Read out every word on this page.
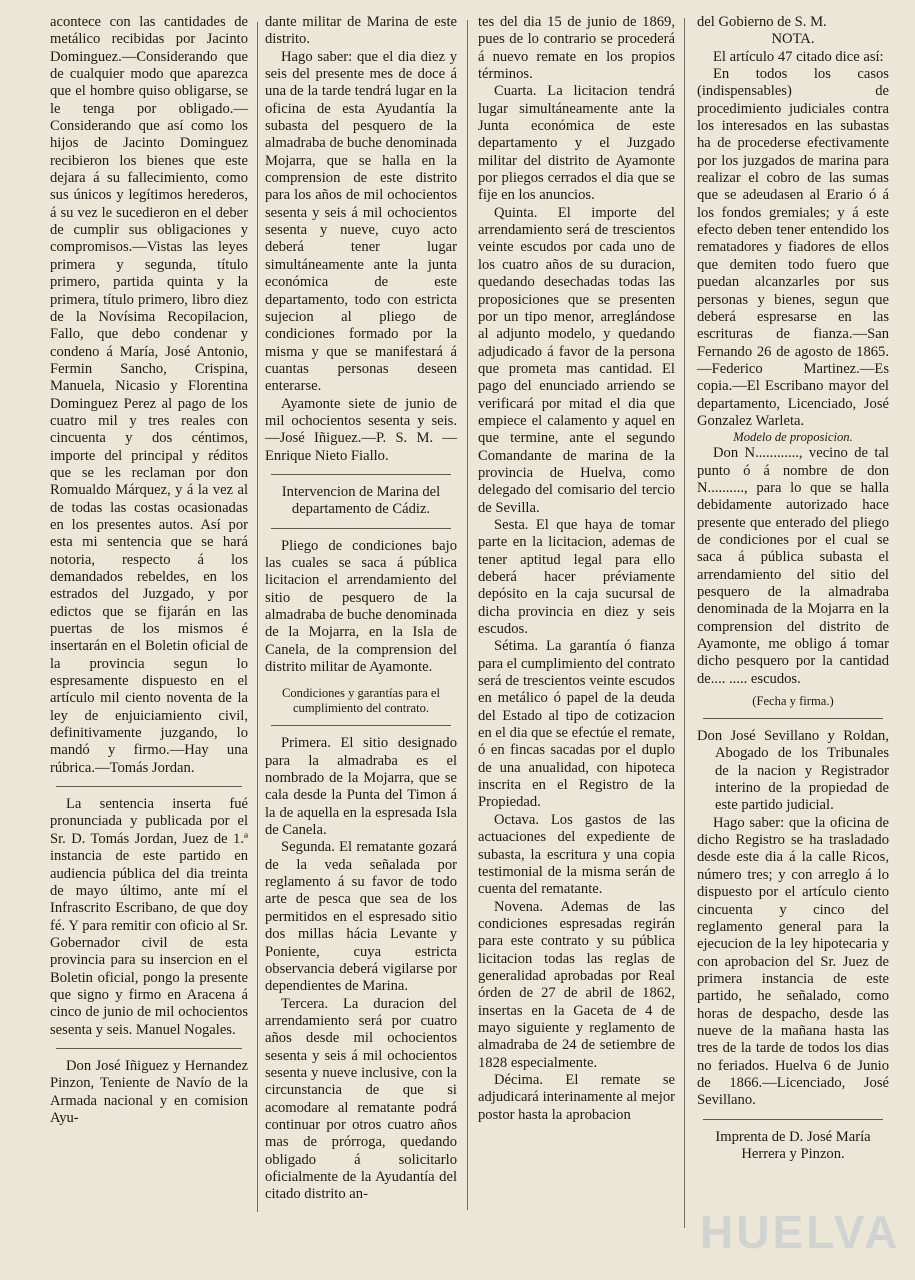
acontece con las cantidades de metálico recibidas por Jacinto Dominguez.—Considerando que de cualquier modo que aparezca que el hombre quiso obligarse, se le tenga por obligado.—Considerando que así como los hijos de Jacinto Dominguez recibieron los bienes que este dejara á su fallecimiento, como sus únicos y legítimos herederos, á su vez le sucedieron en el deber de cumplir sus obligaciones y compromisos.—Vistas las leyes primera y segunda, título primero, partida quinta y la primera, título primero, libro diez de la Novísima Recopilacion, Fallo, que debo condenar y condeno á María, José Antonio, Fermin Sancho, Crispina, Manuela, Nicasio y Florentina Dominguez Perez al pago de los cuatro mil y tres reales con cincuenta y dos céntimos, importe del principal y réditos que se les reclaman por don Romualdo Márquez, y á la vez al de todas las costas ocasionadas en los presentes autos. Así por esta mi sentencia que se hará notoria, respecto á los demandados rebeldes, en los estrados del Juzgado, y por edictos que se fijarán en las puertas de los mismos é insertarán en el Boletin oficial de la provincia segun lo espresamente dispuesto en el artículo mil ciento noventa de la ley de enjuiciamiento civil, definitivamente juzgando, lo mandó y firmo.—Hay una rúbrica.—Tomás Jordan.

La sentencia inserta fué pronunciada y publicada por el Sr. D. Tomás Jordan, Juez de 1.ª instancia de este partido en audiencia pública del dia treinta de mayo último, ante mí el Infrascrito Escribano, de que doy fé. Y para remitir con oficio al Sr. Gobernador civil de esta provincia para su insercion en el Boletin oficial, pongo la presente que signo y firmo en Aracena á cinco de junio de mil ochocientos sesenta y seis. Manuel Nogales.

Don José Iñiguez y Hernandez Pinzon, Teniente de Navío de la Armada nacional y en comision Ayu-

dante militar de Marina de este distrito.

Hago saber: que el dia diez y seis del presente mes de doce á una de la tarde tendrá lugar en la oficina de esta Ayudantía la subasta del pesquero de la almadraba de buche denominada Mojarra, que se halla en la comprension de este distrito para los años de mil ochocientos sesenta y seis á mil ochocientos sesenta y nueve, cuyo acto deberá tener lugar simultáneamente ante la junta económica de este departamento, todo con estricta sujecion al pliego de condiciones formado por la misma y que se manifestará á cuantas personas deseen enterarse.

Ayamonte siete de junio de mil ochocientos sesenta y seis. —José Iñiguez.—P. S. M. —Enrique Nieto Fiallo.

Intervencion de Marina del departamento de Cádiz.

Pliego de condiciones bajo las cuales se saca á pública licitacion el arrendamiento del sitio de pesquero de la almadraba de buche denominada de la Mojarra, en la Isla de Canela, de la comprension del distrito militar de Ayamonte.

Condiciones y garantías para el cumplimiento del contrato.

Primera. El sitio designado para la almadraba es el nombrado de la Mojarra, que se cala desde la Punta del Timon á la de aquella en la espresada Isla de Canela.

Segunda. El rematante gozará de la veda señalada por reglamento á su favor de todo arte de pesca que sea de los permitidos en el espresado sitio dos millas hácia Levante y Poniente, cuya estricta observancia deberá vigilarse por dependientes de Marina.

Tercera. La duracion del arrendamiento será por cuatro años desde mil ochocientos sesenta y seis á mil ochocientos sesenta y nueve inclusive, con la circunstancia de que si acomodare al rematante podrá continuar por otros cuatro años mas de prórroga, quedando obligado á solicitarlo oficialmente de la Ayudantía del citado distrito an-

tes del dia 15 de junio de 1869, pues de lo contrario se procederá á nuevo remate en los propios términos.

Cuarta. La licitacion tendrá lugar simultáneamente ante la Junta económica de este departamento y el Juzgado militar del distrito de Ayamonte por pliegos cerrados el dia que se fije en los anuncios.

Quinta. El importe del arrendamiento será de trescientos veinte escudos por cada uno de los cuatro años de su duracion, quedando desechadas todas las proposiciones que se presenten por un tipo menor, arreglándose al adjunto modelo, y quedando adjudicado á favor de la persona que prometa mas cantidad. El pago del enunciado arriendo se verificará por mitad el dia que empiece el calamento y aquel en que termine, ante el segundo Comandante de marina de la provincia de Huelva, como delegado del comisario del tercio de Sevilla.

Sesta. El que haya de tomar parte en la licitacion, ademas de tener aptitud legal para ello deberá hacer préviamente depósito en la caja sucursal de dicha provincia en diez y seis escudos.

Sétima. La garantía ó fianza para el cumplimiento del contrato será de trescientos veinte escudos en metálico ó papel de la deuda del Estado al tipo de cotizacion en el dia que se efectúe el remate, ó en fincas sacadas por el duplo de una anualidad, con hipoteca inscrita en el Registro de la Propiedad.

Octava. Los gastos de las actuaciones del expediente de subasta, la escritura y una copia testimonial de la misma serán de cuenta del rematante.

Novena. Ademas de las condiciones espresadas regirán para este contrato y su pública licitacion todas las reglas de generalidad aprobadas por Real órden de 27 de abril de 1862, insertas en la Gaceta de 4 de mayo siguiente y reglamento de almadraba de 24 de setiembre de 1828 especialmente.

Décima. El remate se adjudicará interinamente al mejor postor hasta la aprobacion

del Gobierno de S. M.

NOTA.

El artículo 47 citado dice así:

En todos los casos (indispensables) de procedimiento judiciales contra los interesados en las subastas ha de procederse efectivamente por los juzgados de marina para realizar el cobro de las sumas que se adeudasen al Erario ó á los fondos gremiales; y á este efecto deben tener entendido los rematadores y fiadores de ellos que demiten todo fuero que puedan alcanzarles por sus personas y bienes, segun que deberá espresarse en las escrituras de fianza.—San Fernando 26 de agosto de 1865. —Federico Martinez.—Es copia.—El Escribano mayor del departamento, Licenciado, José Gonzalez Warleta.

Modelo de proposicion.

Don N............, vecino de tal punto ó á nombre de don N.........., para lo que se halla debidamente autorizado hace presente que enterado del pliego de condiciones por el cual se saca á pública subasta el arrendamiento del sitio del pesquero de la almadraba denominada de la Mojarra en la comprension del distrito de Ayamonte, me obligo á tomar dicho pesquero por la cantidad de.... ..... escudos.

(Fecha y firma.)

Don José Sevillano y Roldan, Abogado de los Tribunales de la nacion y Registrador interino de la propiedad de este partido judicial.

Hago saber: que la oficina de dicho Registro se ha trasladado desde este dia á la calle Ricos, número tres; y con arreglo á lo dispuesto por el artículo ciento cincuenta y cinco del reglamento general para la ejecucion de la ley hipotecaria y con aprobacion del Sr. Juez de primera instancia de este partido, he señalado, como horas de despacho, desde las nueve de la mañana hasta las tres de la tarde de todos los dias no feriados. Huelva 6 de Junio de 1866.—Licenciado, José Sevillano.

Imprenta de D. José María Herrera y Pinzon.

HUELVA
